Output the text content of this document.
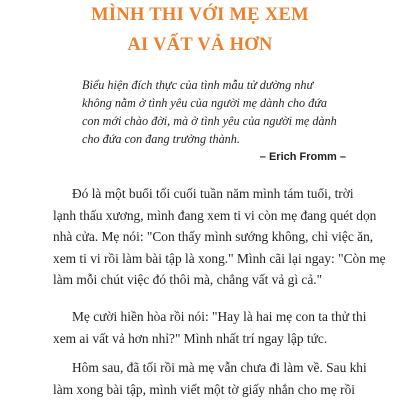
MÌNH THI VỚI MẸ XEM
AI VẤT VẢ HƠN
Biểu hiện đích thực của tình mẫu tử dường như
không nằm ở tình yêu của người mẹ dành cho đứa
con mới chào đời, mà ở tình yêu của người mẹ dành
cho đứa con đang trưởng thành.
– Erich Fromm –
Đó là một buổi tối cuối tuần năm mình tám tuổi, trời
lạnh thấu xương, mình đang xem ti vi còn mẹ đang quét dọn
nhà cửa. Mẹ nói: "Con thấy mình sướng không, chỉ việc ăn,
xem ti vi rồi làm bài tập là xong." Mình cãi lại ngay: "Còn mẹ
làm mỗi chút việc đó thôi mà, chẳng vất vả gì cả."
Mẹ cười hiền hòa rồi nói: "Hay là hai mẹ con ta thử thi
xem ai vất vả hơn nhỉ?" Mình nhất trí ngay lập tức.
Hôm sau, đã tối rồi mà mẹ vẫn chưa đi làm về. Sau khi
làm xong bài tập, mình viết một tờ giấy nhắn cho mẹ rồi
